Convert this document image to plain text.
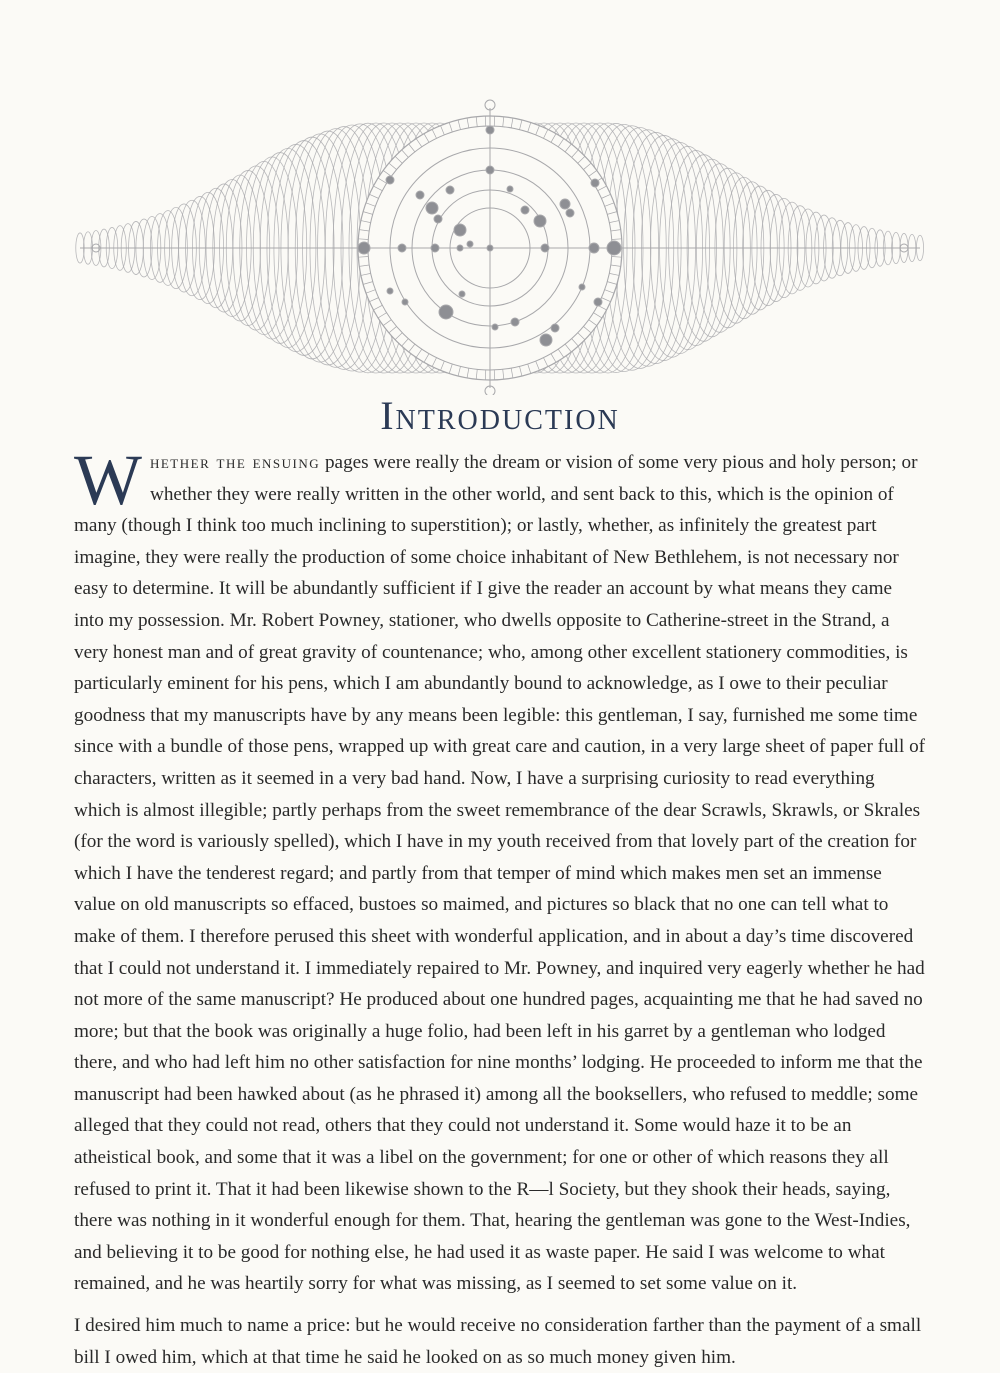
Introduction

Whether the ensuing pages were really the dream or vision of some very pious and holy person; or whether they were really written in the other world, and sent back to this, which is the opinion of many (though I think too much inclining to superstition); or lastly, whether, as infinitely the greatest part imagine, they were really the production of some choice inhabitant of New Bethlehem, is not necessary nor easy to determine. It will be abundantly sufficient if I give the reader an account by what means they came into my possession. Mr. Robert Powney, stationer, who dwells opposite to Catherine-street in the Strand, a very honest man and of great gravity of countenance; who, among other excellent stationery commodities, is particularly eminent for his pens, which I am abundantly bound to acknowledge, as I owe to their peculiar goodness that my manuscripts have by any means been legible: this gentleman, I say, furnished me some time since with a bundle of those pens, wrapped up with great care and caution, in a very large sheet of paper full of characters, written as it seemed in a very bad hand. Now, I have a surprising curiosity to read everything which is almost illegible; partly perhaps from the sweet remembrance of the dear Scrawls, Skrawls, or Skrales (for the word is variously spelled), which I have in my youth received from that lovely part of the creation for which I have the tenderest regard; and partly from that temper of mind which makes men set an immense value on old manuscripts so effaced, bustoes so maimed, and pictures so black that no one can tell what to make of them. I therefore perused this sheet with wonderful application, and in about a day’s time discovered that I could not understand it. I immediately repaired to Mr. Powney, and inquired very eagerly whether he had not more of the same manuscript? He produced about one hundred pages, acquainting me that he had saved no more; but that the book was originally a huge folio, had been left in his garret by a gentleman who lodged there, and who had left him no other satisfaction for nine months’ lodging. He proceeded to inform me that the manuscript had been hawked about (as he phrased it) among all the booksellers, who refused to meddle; some alleged that they could not read, others that they could not understand it. Some would haze it to be an atheistical book, and some that it was a libel on the government; for one or other of which reasons they all refused to print it. That it had been likewise shown to the R—l Society, but they shook their heads, saying, there was nothing in it wonderful enough for them. That, hearing the gentleman was gone to the West-Indies, and believing it to be good for nothing else, he had used it as waste paper. He said I was welcome to what remained, and he was heartily sorry for what was missing, as I seemed to set some value on it.

I desired him much to name a price: but he would receive no consideration farther than the payment of a small bill I owed him, which at that time he said he looked on as so much money given him.
